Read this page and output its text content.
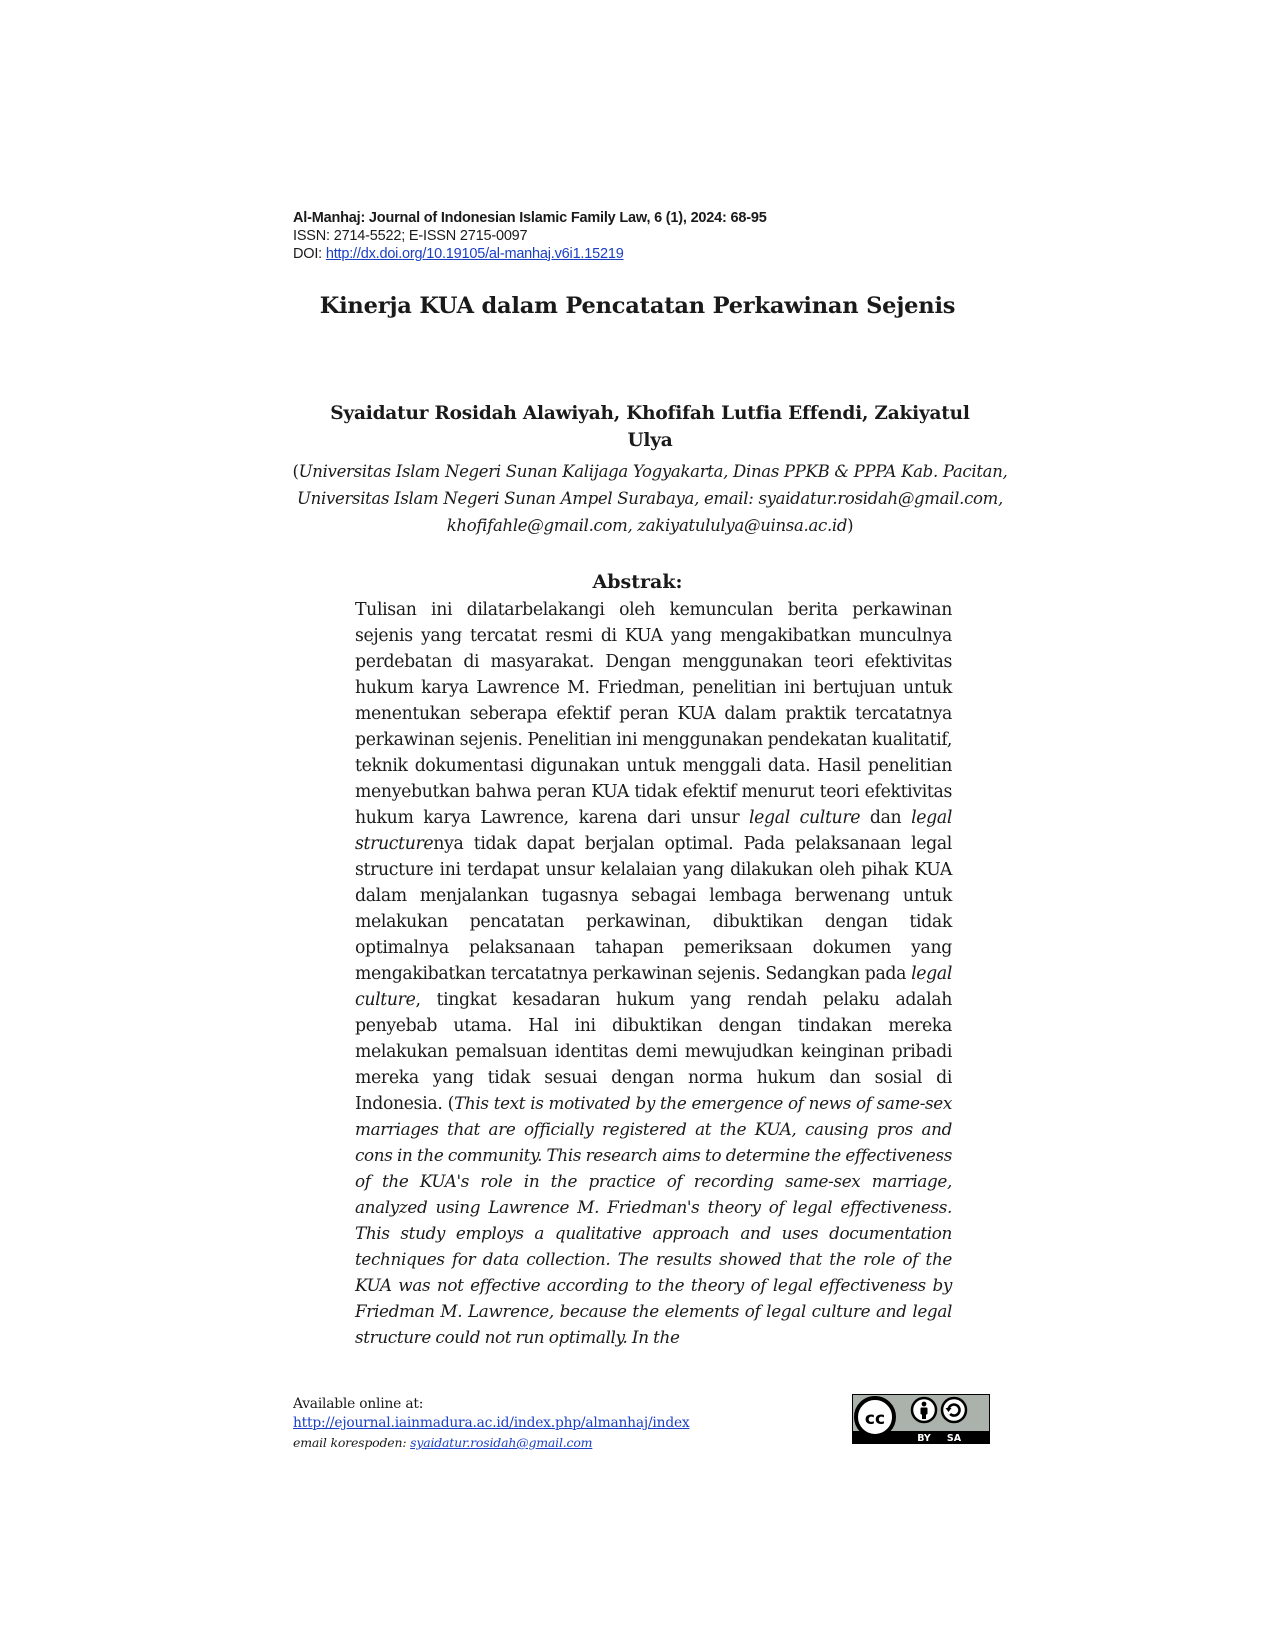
Al-Manhaj: Journal of Indonesian Islamic Family Law, 6 (1), 2024: 68-95
ISSN: 2714-5522; E-ISSN 2715-0097
DOI: http://dx.doi.org/10.19105/al-manhaj.v6i1.15219
Kinerja KUA dalam Pencatatan Perkawinan Sejenis
Syaidatur Rosidah Alawiyah, Khofifah Lutfia Effendi, Zakiyatul
Ulya
(Universitas Islam Negeri Sunan Kalijaga Yogyakarta, Dinas PPKB & PPPA Kab. Pacitan, Universitas Islam Negeri Sunan Ampel Surabaya, email: syaidatur.rosidah@gmail.com, khofifahle@gmail.com, zakiyatululya@uinsa.ac.id)
Abstrak:
Tulisan ini dilatarbelakangi oleh kemunculan berita perkawinan sejenis yang tercatat resmi di KUA yang mengakibatkan munculnya perdebatan di masyarakat. Dengan menggunakan teori efektivitas hukum karya Lawrence M. Friedman, penelitian ini bertujuan untuk menentukan seberapa efektif peran KUA dalam praktik tercatatnya perkawinan sejenis. Penelitian ini menggunakan pendekatan kualitatif, teknik dokumentasi digunakan untuk menggali data. Hasil penelitian menyebutkan bahwa peran KUA tidak efektif menurut teori efektivitas hukum karya Lawrence, karena dari unsur legal culture dan legal structurenya tidak dapat berjalan optimal. Pada pelaksanaan legal structure ini terdapat unsur kelalaian yang dilakukan oleh pihak KUA dalam menjalankan tugasnya sebagai lembaga berwenang untuk melakukan pencatatan perkawinan, dibuktikan dengan tidak optimalnya pelaksanaan tahapan pemeriksaan dokumen yang mengakibatkan tercatatnya perkawinan sejenis. Sedangkan pada legal culture, tingkat kesadaran hukum yang rendah pelaku adalah penyebab utama. Hal ini dibuktikan dengan tindakan mereka melakukan pemalsuan identitas demi mewujudkan keinginan pribadi mereka yang tidak sesuai dengan norma hukum dan sosial di Indonesia. (This text is motivated by the emergence of news of same-sex marriages that are officially registered at the KUA, causing pros and cons in the community. This research aims to determine the effectiveness of the KUA's role in the practice of recording same-sex marriage, analyzed using Lawrence M. Friedman's theory of legal effectiveness. This study employs a qualitative approach and uses documentation techniques for data collection. The results showed that the role of the KUA was not effective according to the theory of legal effectiveness by Friedman M. Lawrence, because the elements of legal culture and legal structure could not run optimally. In the
Available online at:
http://ejournal.iainmadura.ac.id/index.php/almanhaj/index
email korespoden: syaidatur.rosidah@gmail.com
cc
BY SA
